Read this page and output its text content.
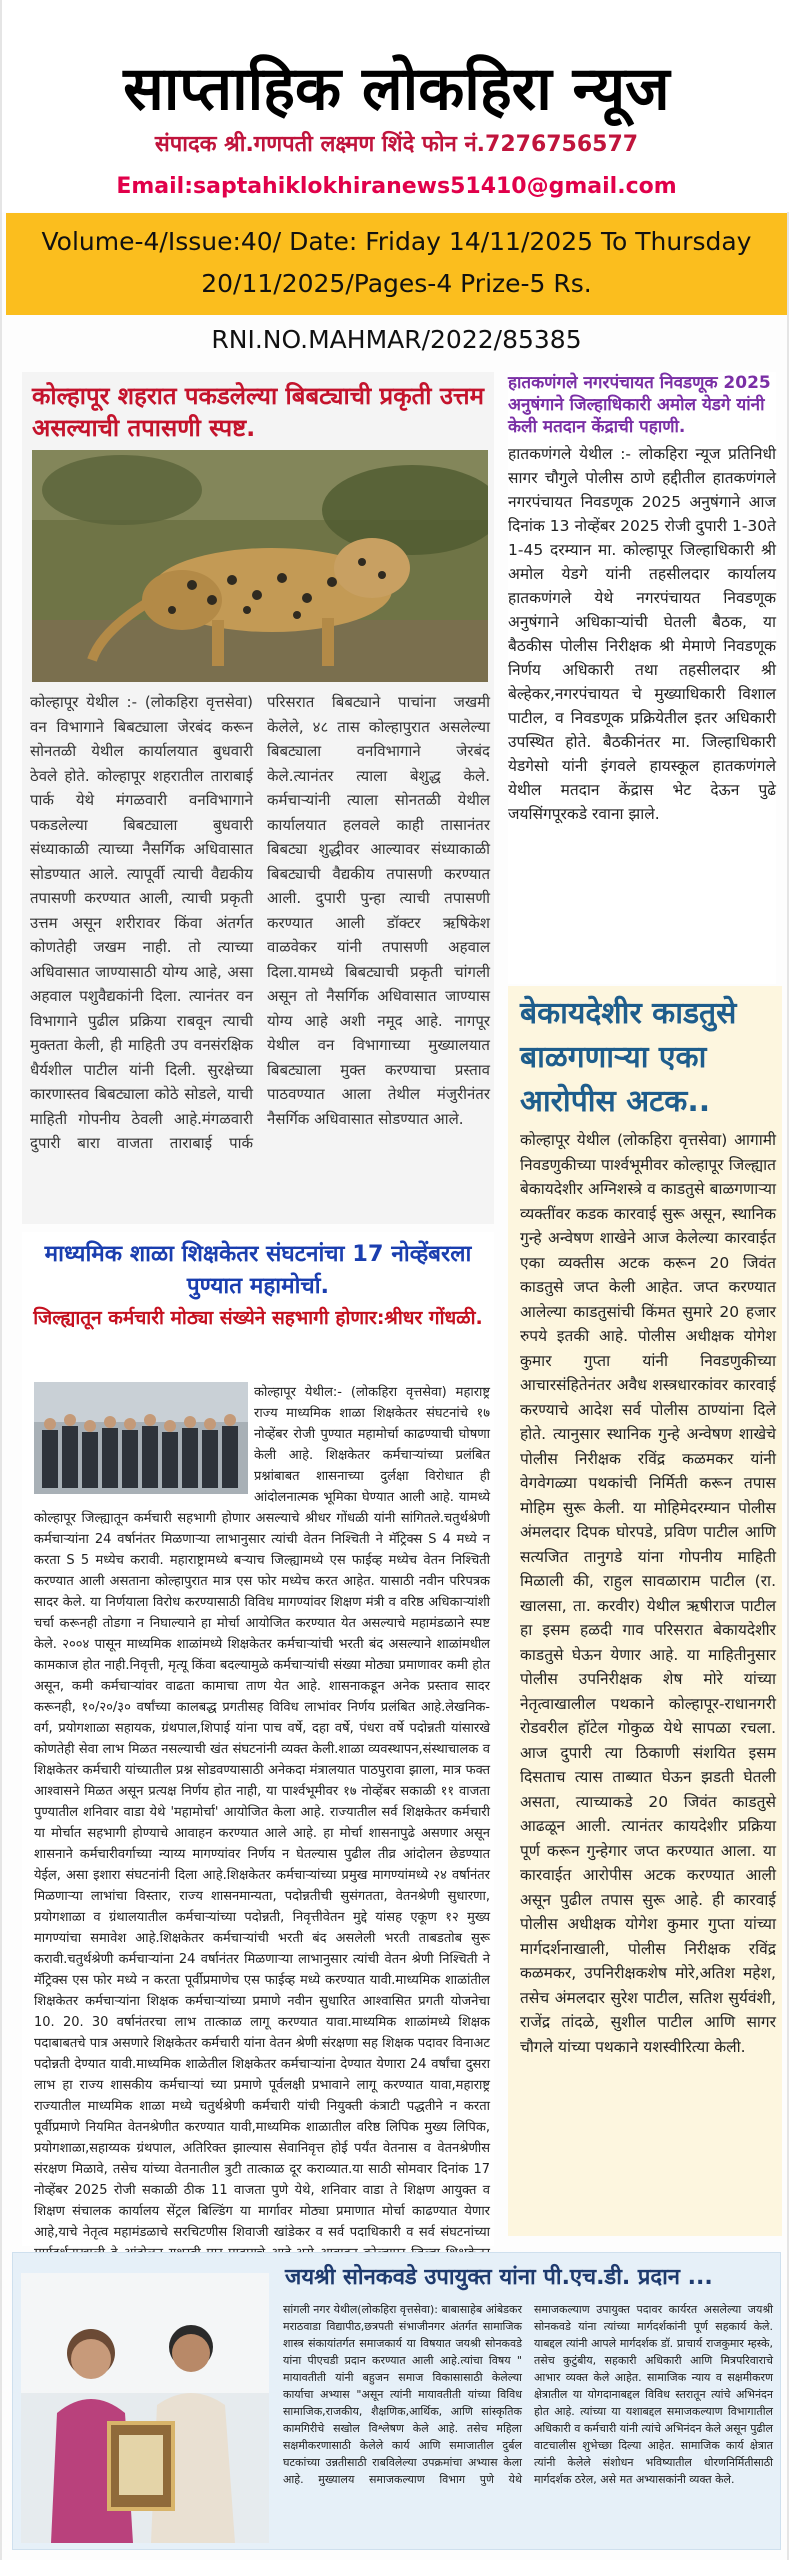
साप्ताहिक लोकहिरा न्यूज
संपादक श्री.गणपती लक्ष्मण शिंदे फोन नं.7276756577
Email:saptahiklokhiranews51410@gmail.com
Volume-4/Issue:40/ Date: Friday 14/11/2025 To Thursday 20/11/2025/Pages-4 Prize-5 Rs.
RNI.NO.MAHMAR/2022/85385
कोल्हापूर शहरात पकडलेल्या बिबट्याची प्रकृती उत्तम असल्याची तपासणी स्पष्ट.
कोल्हापूर येथील :- (लोकहिरा वृत्तसेवा) वन विभागाने बिबट्याला जेरबंद करून सोनतळी येथील कार्यालयात बुधवारी ठेवले होते. कोल्हापूर शहरातील ताराबाई पार्क येथे मंगळवारी वनविभागाने पकडलेल्या बिबट्याला बुधवारी संध्याकाळी त्याच्या नैसर्गिक अधिवासात सोडण्यात आले. त्यापूर्वी त्याची वैद्यकीय तपासणी करण्यात आली, त्याची प्रकृती उत्तम असून शरीरावर किंवा अंतर्गत कोणतेही जखम नाही. तो त्याच्या अधिवासात जाण्यासाठी योग्य आहे, असा अहवाल पशुवैद्यकांनी दिला. त्यानंतर वन विभागाने पुढील प्रक्रिया राबवून त्याची मुक्तता केली, ही माहिती उप वनसंरक्षिक धैर्यशील पाटील यांनी दिली. सुरक्षेच्या कारणास्तव बिबट्याला कोठे सोडले, याची माहिती गोपनीय ठेवली आहे.मंगळवारी दुपारी बारा वाजता ताराबाई पार्क परिसरात बिबट्याने पाचांना जखमी केलेले, ४८ तास कोल्हापुरात असलेल्या बिबट्याला वनविभागाने जेरबंद केले.त्यानंतर त्याला बेशुद्ध केले. कर्मचाऱ्यांनी त्याला सोनतळी येथील कार्यालयात हलवले काही तासानंतर बिबट्या शुद्धीवर आल्यावर संध्याकाळी बिबट्याची वैद्यकीय तपासणी करण्यात आली. दुपारी पुन्हा त्याची तपासणी करण्यात आली डॉक्टर ऋषिकेश वाळवेकर यांनी तपासणी अहवाल दिला.यामध्ये बिबट्याची प्रकृती चांगली असून तो नैसर्गिक अधिवासात जाण्यास योग्य आहे अशी नमूद आहे. नागपूर येथील वन विभागाच्या मुख्यालयात बिबट्याला मुक्त करण्याचा प्रस्ताव पाठवण्यात आला तेथील मंजुरीनंतर नैसर्गिक अधिवासात सोडण्यात आले.
हातकणंगले नगरपंचायत निवडणूक 2025 अनुषंगाने जिल्हाधिकारी अमोल येडगे यांनी केली मतदान केंद्राची पहाणी.

हातकणंगले येथील :- लोकहिरा न्यूज प्रतिनिधी सागर चौगुले पोलीस ठाणे हद्दीतील हातकणंगले नगरपंचायत निवडणूक 2025 अनुषंगाने आज दिनांक 13 नोव्हेंबर 2025 रोजी दुपारी 1-30ते 1-45 दरम्यान मा. कोल्हापूर जिल्हाधिकारी श्री अमोल येडगे यांनी तहसीलदार कार्यालय हातकणंगले येथे नगरपंचायत निवडणूक अनुषंगाने अधिकाऱ्यांची घेतली बैठक, या बैठकीस पोलीस निरीक्षक श्री मेमाणे निवडणूक निर्णय अधिकारी तथा तहसीलदार श्री बेल्हेकर,नगरपंचायत चे मुख्याधिकारी विशाल पाटील, व निवडणूक प्रक्रियेतील इतर अधिकारी उपस्थित होते. बैठकीनंतर मा. जिल्हाधिकारी येडगेसो यांनी इंगवले हायस्कूल हातकणंगले येथील मतदान केंद्रास भेट देऊन पुढे जयसिंगपूरकडे रवाना झाले.

बेकायदेशीर काडतुसे बाळगणाऱ्या एका आरोपीस अटक..

कोल्हापूर येथील (लोकहिरा वृत्तसेवा) आगामी निवडणुकीच्या पार्श्वभूमीवर कोल्हापूर जिल्ह्यात बेकायदेशीर अग्निशस्त्रे व काडतुसे बाळगणाऱ्या व्यक्तींवर कडक कारवाई सुरू असून, स्थानिक गुन्हे अन्वेषण शाखेने आज केलेल्या कारवाईत एका व्यक्तीस अटक करून 20 जिवंत काडतुसे जप्त केली आहेत. जप्त करण्यात आलेल्या काडतुसांची किंमत सुमारे 20 हजार रुपये इतकी आहे. पोलीस अधीक्षक योगेश कुमार गुप्ता यांनी निवडणुकीच्या आचारसंहितेनंतर अवैध शस्त्रधारकांवर कारवाई करण्याचे आदेश सर्व पोलीस ठाण्यांना दिले होते. त्यानुसार स्थानिक गुन्हे अन्वेषण शाखेचे पोलीस निरीक्षक रविंद्र कळमकर यांनी वेगवेगळ्या पथकांची निर्मिती करून तपास मोहिम सुरू केली. या मोहिमेदरम्यान पोलीस अंमलदार दिपक घोरपडे, प्रविण पाटील आणि सत्यजित तानुगडे यांना गोपनीय माहिती मिळाली की, राहुल सावळाराम पाटील (रा. खालसा, ता. करवीर) येथील ऋषीराज पाटील हा इसम हळदी गाव परिसरात बेकायदेशीर काडतुसे घेऊन येणार आहे. या माहितीनुसार पोलीस उपनिरीक्षक शेष मोरे यांच्या नेतृत्वाखालील पथकाने कोल्हापूर-राधानगरी रोडवरील हॉटेल गोकुळ येथे सापळा रचला. आज दुपारी त्या ठिकाणी संशयित इसम दिसताच त्यास ताब्यात घेऊन झडती घेतली असता, त्याच्याकडे 20 जिवंत काडतुसे आढळून आली. त्यानंतर कायदेशीर प्रक्रिया पूर्ण करून गुन्हेगार जप्त करण्यात आला. या कारवाईत आरोपीस अटक करण्यात आली असून पुढील तपास सुरू आहे. ही कारवाई पोलीस अधीक्षक योगेश कुमार गुप्ता यांच्या मार्गदर्शनाखाली, पोलीस निरीक्षक रविंद्र कळमकर, उपनिरीक्षकशेष मोरे,अतिश महेश, तसेच अंमलदार सुरेश पाटील, सतिश सुर्यवंशी, राजेंद्र तांदळे, सुशील पाटील आणि सागर चौगले यांच्या पथकाने यशस्वीरित्या केली.

माध्यमिक शाळा शिक्षकेतर संघटनांचा 17 नोव्हेंबरला पुण्यात महामोर्चा.
जिल्ह्यातून कर्मचारी मोठ्या संख्येने सहभागी होणार:श्रीधर गोंधळी.
कोल्हापूर येथील:- (लोकहिरा वृत्तसेवा) महाराष्ट्र राज्य माध्यमिक शाळा शिक्षकेतर संघटनांचे १७ नोव्हेंबर रोजी पुण्यात महामोर्चा काढण्याची घोषणा केली आहे. शिक्षकेतर कर्मचाऱ्यांच्या प्रलंबित प्रश्नांबाबत शासनाच्या दुर्लक्षा विरोधात ही आंदोलनात्मक भूमिका घेण्यात आली आहे. यामध्ये कोल्हापूर जिल्ह्यातून कर्मचारी सहभागी होणार असल्याचे श्रीधर गोंधळी यांनी सांगितले.चतुर्थश्रेणी कर्मचाऱ्यांना 24 वर्षानंतर मिळणाऱ्या लाभानुसार त्यांची वेतन निश्चिती ने मॅट्रिक्स S 4 मध्ये न करता S 5 मध्येच करावी. महाराष्ट्रामध्ये बऱ्याच जिल्ह्यामध्ये एस फाईव्ह मध्येच वेतन निश्चिती करण्यात आली असताना कोल्हापुरात मात्र एस फोर मध्येच करत आहेत. यासाठी नवीन परिपत्रक सादर केले. या निर्णयाला विरोध करण्यासाठी विविध मागण्यांवर शिक्षण मंत्री व वरिष्ठ अधिकाऱ्यांशी चर्चा करूनही तोडगा न निघाल्याने हा मोर्चा आयोजित करण्यात येत असल्याचे महामंडळाने स्पष्ट केले. २००४ पासून माध्यमिक शाळांमध्ये शिक्षकेतर कर्मचाऱ्यांची भरती बंद असल्याने शाळांमधील कामकाज होत नाही.निवृत्ती, मृत्यू किंवा बदल्यामुळे कर्मचाऱ्यांची संख्या मोठ्या प्रमाणावर कमी होत असून, कमी कर्मचाऱ्यांवर वाढता कामाचा ताण येत आहे. शासनाकडून अनेक प्रस्ताव सादर करूनही, १०/२०/३० वर्षांच्या कालबद्ध प्रगतीसह विविध लाभांवर निर्णय प्रलंबित आहे.लेखनिक-वर्ग, प्रयोगशाळा सहायक, ग्रंथपाल,शिपाई यांना पाच वर्षे, दहा वर्षे, पंधरा वर्षे पदोन्नती यांसारखे कोणतेही सेवा लाभ मिळत नसल्याची खंत संघटनांनी व्यक्त केली.शाळा व्यवस्थापन,संस्थाचालक व शिक्षकेतर कर्मचारी यांच्यातील प्रश्न सोडवण्यासाठी अनेकदा मंत्रालयात पाठपुरावा झाला, मात्र फक्त आश्वासने मिळत असून प्रत्यक्ष निर्णय होत नाही, या पार्श्वभूमीवर १७ नोव्हेंबर सकाळी ११ वाजता पुण्यातील शनिवार वाडा येथे 'महामोर्चा' आयोजित केला आहे. राज्यातील सर्व शिक्षकेतर कर्मचारी या मोर्चात सहभागी होण्याचे आवाहन करण्यात आले आहे. हा मोर्चा शासनापुढे असणार असून शासनाने कर्मचारीवर्गाच्या न्याय्य मागण्यांवर निर्णय न घेतल्यास पुढील तीव्र आंदोलन छेडण्यात येईल, असा इशारा संघटनांनी दिला आहे.शिक्षकेतर कर्मचाऱ्यांच्या प्रमुख मागण्यांमध्ये २४ वर्षानंतर मिळणाऱ्या लाभांचा विस्तार, राज्य शासनमान्यता, पदोन्नतीची सुसंगतता, वेतनश्रेणी सुधारणा, प्रयोगशाळा व ग्रंथालयातील कर्मचाऱ्यांच्या पदोन्नती, निवृत्तीवेतन मुद्दे यांसह एकूण १२ मुख्य मागण्यांचा समावेश आहे.शिक्षकेतर कर्मचाऱ्यांची भरती बंद असलेली भरती ताबडतोब सुरू करावी.चतुर्थश्रेणी कर्मचाऱ्यांना 24 वर्षानंतर मिळणाऱ्या लाभानुसार त्यांची वेतन श्रेणी निश्चिती ने मॅट्रिक्स एस फोर मध्ये न करता पूर्वीप्रमाणेच एस फाईव्ह मध्ये करण्यात यावी.माध्यमिक शाळांतील शिक्षकेतर कर्मचाऱ्यांना शिक्षक कर्मचाऱ्यांच्या प्रमाणे नवीन सुधारित आश्वासित प्रगती योजनेचा 10. 20. 30 वर्षानंतरचा लाभ तात्काळ लागू करण्यात यावा.माध्यमिक शाळांमध्ये शिक्षक पदाबाबतचे पात्र असणारे शिक्षकेतर कर्मचारी यांना वेतन श्रेणी संरक्षणा सह शिक्षक पदावर विनाअट पदोन्नती देण्यात यावी.माध्यमिक शाळेतील शिक्षकेतर कर्मचाऱ्यांना देण्यात येणारा 24 वर्षांचा दुसरा लाभ हा राज्य शासकीय कर्मचाऱ्यां च्या प्रमाणे पूर्वलक्षी प्रभावाने लागू करण्यात यावा,महाराष्ट्र राज्यातील माध्यमिक शाळा मध्ये चतुर्थश्रेणी कर्मचारी यांची नियुक्ती कंत्राटी पद्धतीने न करता पूर्वीप्रमाणे नियमित वेतनश्रेणीत करण्यात यावी,माध्यमिक शाळातील वरिष्ठ लिपिक मुख्य लिपिक, प्रयोगशाळा,सहाय्यक ग्रंथपाल, अतिरिक्त झाल्यास सेवानिवृत्त होई पर्यंत वेतनास व वेतनश्रेणीस संरक्षण मिळावे, तसेच यांच्या वेतनातील त्रुटी तात्काळ दूर कराव्यात.या साठी सोमवार दिनांक 17 नोव्हेंबर 2025 रोजी सकाळी ठीक 11 वाजता पुणे येथे, शनिवार वाडा ते शिक्षण आयुक्त व शिक्षण संचालक कार्यालय सेंट्रल बिल्डिंग या मार्गावर मोठ्या प्रमाणात मोर्चा काढण्यात येणार आहे,याचे नेतृत्व महामंडळाचे सरचिटणीस शिवाजी खांडेकर व सर्व पदाधिकारी व सर्व संघटनांच्या
जयश्री सोनकवडे उपायुक्त यांना पी.एच.डी. प्रदान ...
सांगली नगर येथील(लोकहिरा वृत्तसेवा): बाबासाहेब आंबेडकर मराठवाडा विद्यापीठ,छत्रपती संभाजीनगर अंतर्गत सामाजिक शास्त्र संकायांतर्गत समाजकार्य या विषयात जयश्री सोनकवडे यांना पीएचडी प्रदान करण्यात आली आहे.त्यांचा विषय " मायावतीती यांनी बहुजन समाज विकासासाठी केलेल्या कार्याचा अभ्यास "असून त्यांनी मायावतीती यांच्या विविध सामाजिक,राजकीय, शैक्षणिक,आर्थिक, आणि सांस्कृतिक कामगिरीचे सखोल विश्लेषण केले आहे. तसेच महिला सक्षमीकरणासाठी केलेले कार्य आणि समाजातील दुर्बल घटकांच्या उन्नतीसाठी राबविलेल्या उपक्रमांचा अभ्यास केला आहे. मुख्यालय समाजकल्याण विभाग पुणे येथे समाजकल्याण उपायुक्त पदावर कार्यरत असलेल्या जयश्री सोनकवडे यांना त्यांच्या मार्गदर्शकांनी पूर्ण सहकार्य केले. याबद्दल त्यांनी आपले मार्गदर्शक डॉ. प्राचार्य राजकुमार म्हस्के, तसेच कुटुंबीय, सहकारी अधिकारी आणि मित्रपरिवाराचे आभार व्यक्त केले आहेत. सामाजिक न्याय व सक्षमीकरण क्षेत्रातील या योगदानाबद्दल विविध स्तरातून त्यांचे अभिनंदन होत आहे. त्यांच्या या यशाबद्दल समाजकल्याण विभागातील अधिकारी व कर्मचारी यांनी त्यांचे अभिनंदन केले असून पुढील वाटचालीस शुभेच्छा दिल्या आहेत. सामाजिक कार्य क्षेत्रात त्यांनी केलेले संशोधन भविष्यातील धोरणनिर्मितीसाठी मार्गदर्शक ठरेल, असे मत अभ्यासकांनी व्यक्त केले.
